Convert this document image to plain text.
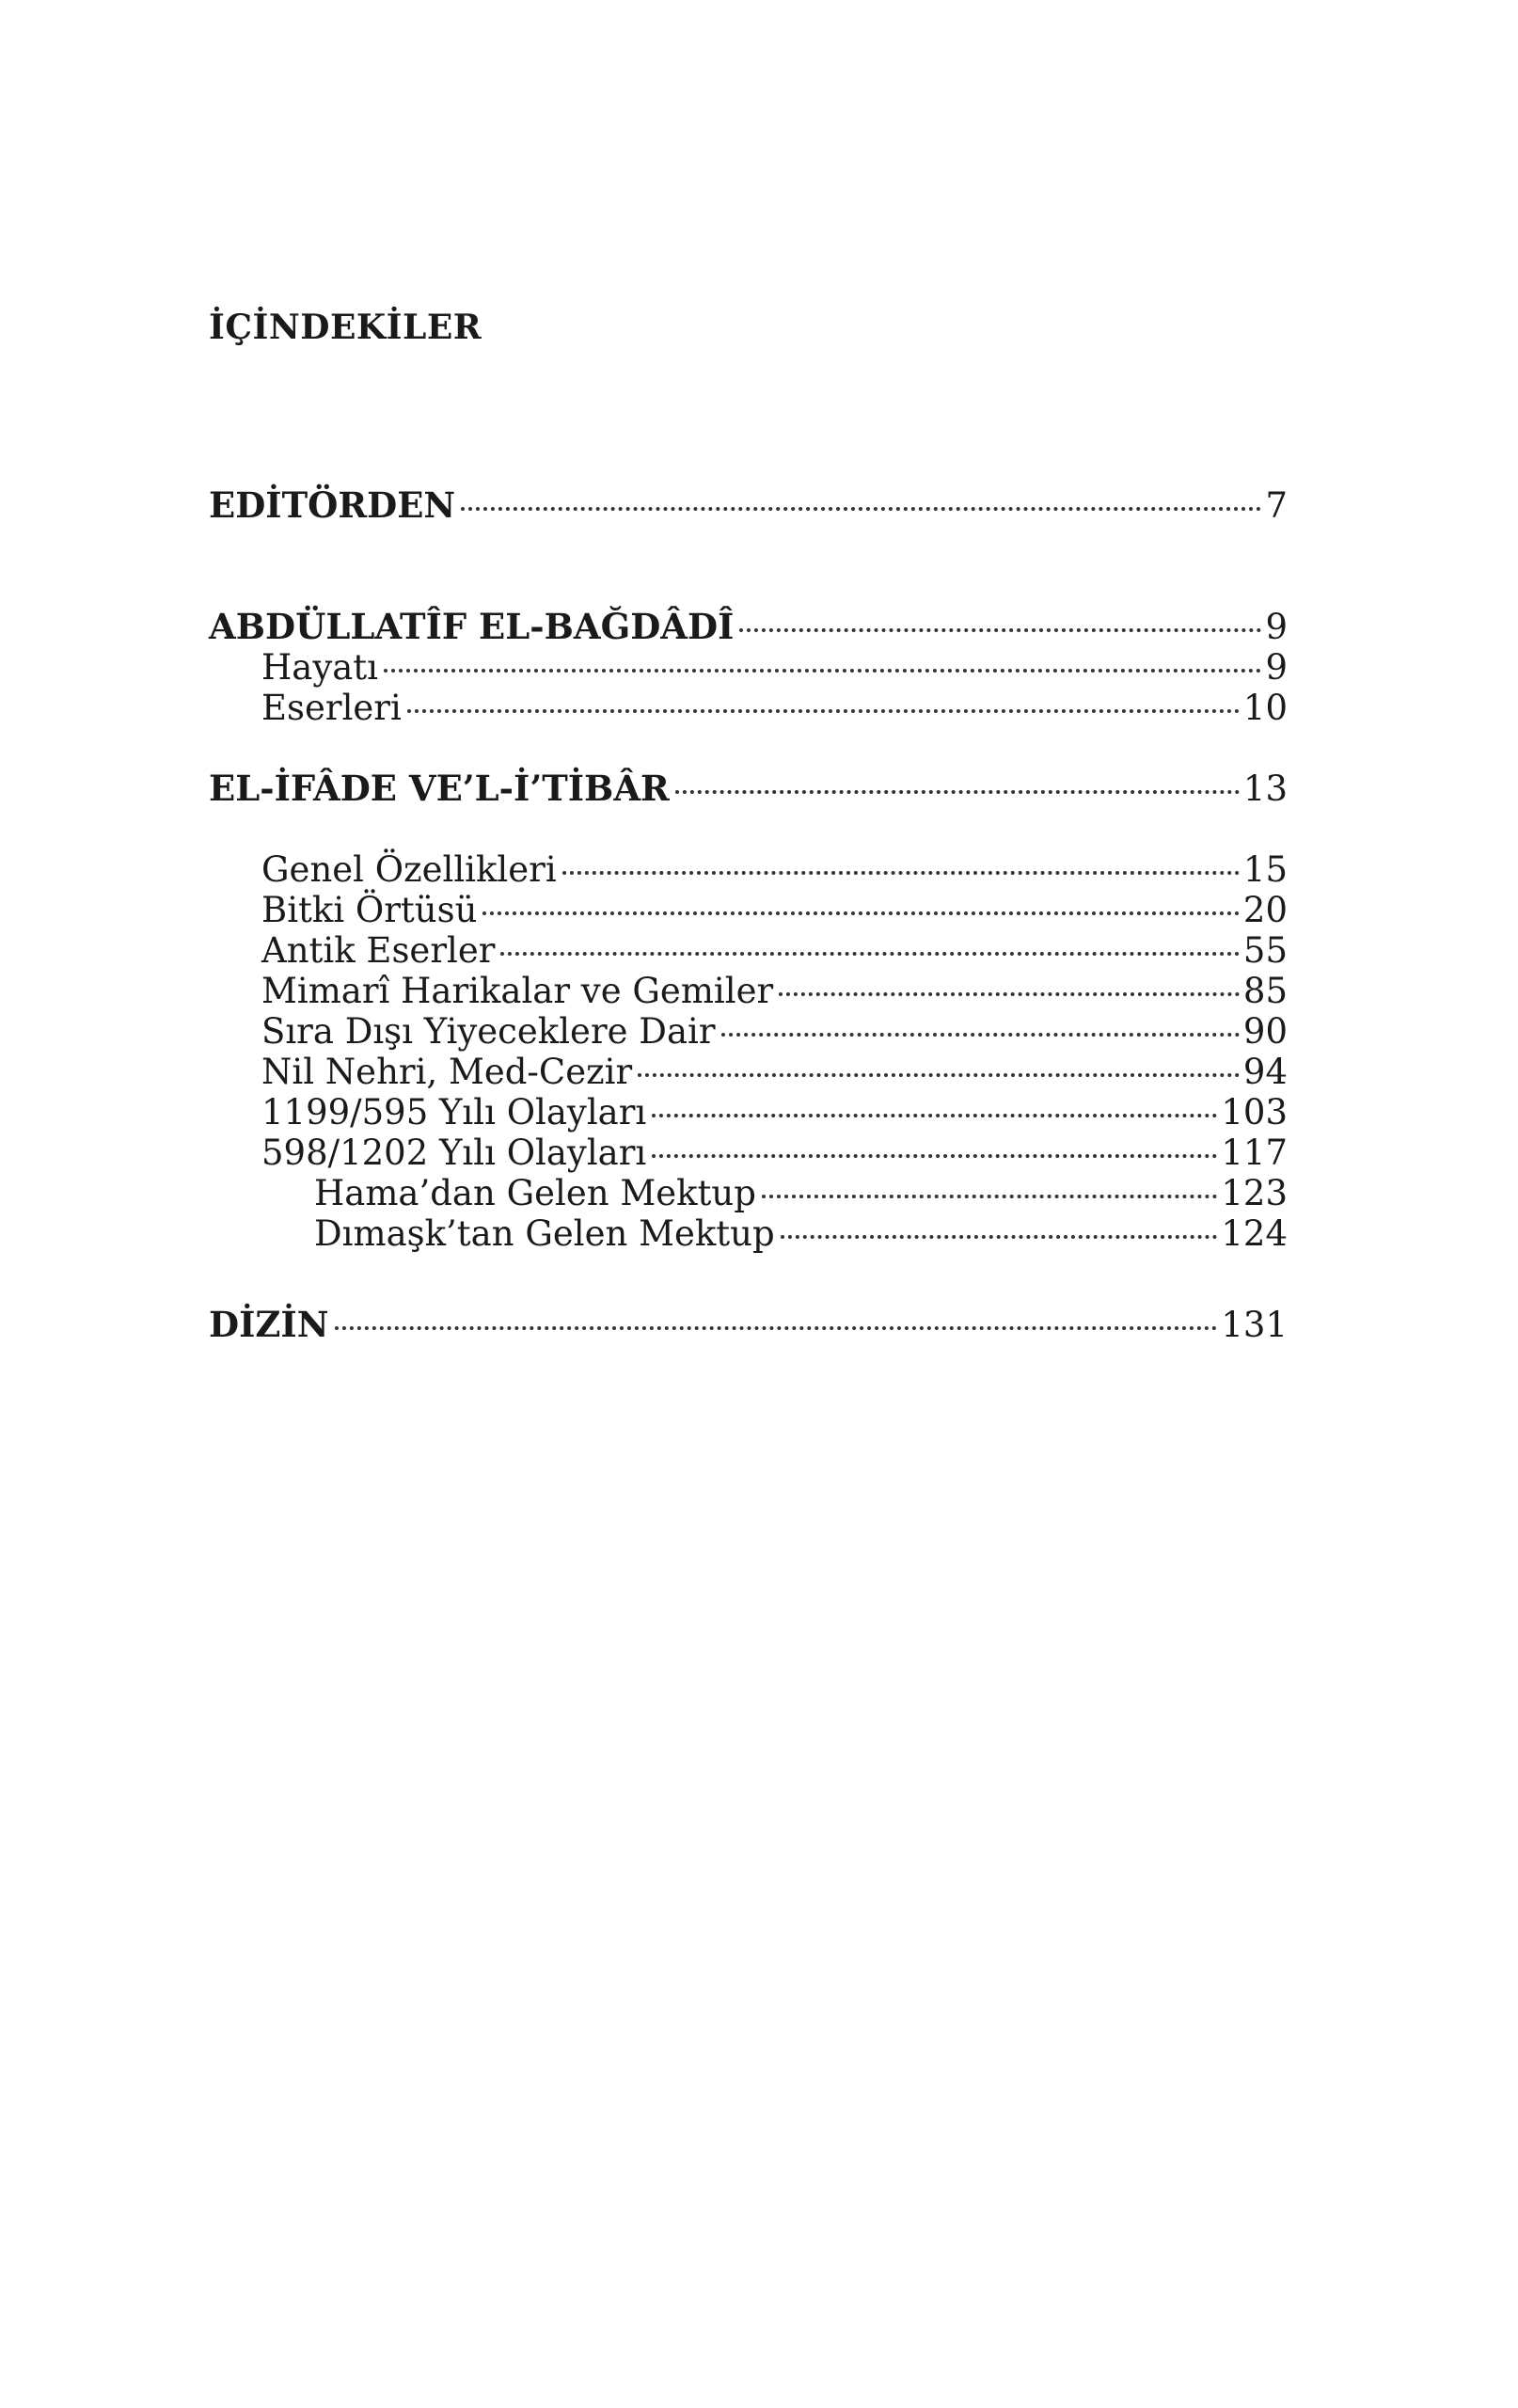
İÇİNDEKİLER
EDİTÖRDEN	7
ABDÜLLATÎF EL-BAĞDÂDÎ	9
Hayatı	9
Eserleri	10
EL-İFÂDE VE’L-İ’TİBÂR	13
Genel Özellikleri	15
Bitki Örtüsü	20
Antik Eserler	55
Mimarî Harikalar ve Gemiler	85
Sıra Dışı Yiyeceklere Dair	90
Nil Nehri, Med-Cezir	94
1199/595 Yılı Olayları	103
598/1202 Yılı Olayları	117
Hama’dan Gelen Mektup	123
Dımaşk’tan Gelen Mektup	124
DİZİN	131
